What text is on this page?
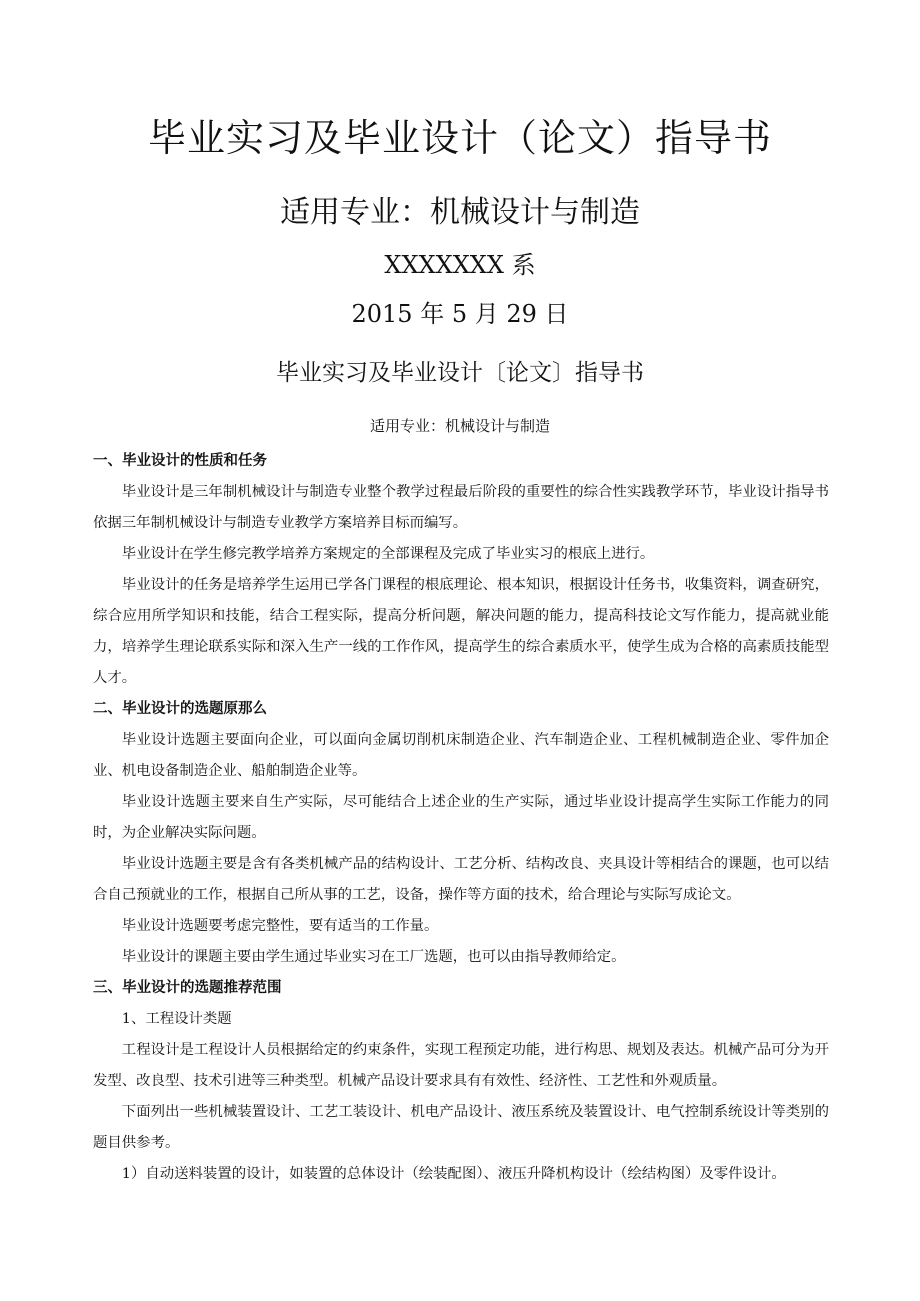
毕业实习及毕业设计（论文）指导书
适用专业：机械设计与制造
XXXXXXX 系
2015 年 5 月 29 日
毕业实习及毕业设计〔论文〕指导书
适用专业：机械设计与制造
一、毕业设计的性质和任务

毕业设计是三年制机械设计与制造专业整个教学过程最后阶段的重要性的综合性实践教学环节，毕业设计指导书依据三年制机械设计与制造专业教学方案培养目标而编写。

毕业设计在学生修完教学培养方案规定的全部课程及完成了毕业实习的根底上进行。

毕业设计的任务是培养学生运用已学各门课程的根底理论、根本知识，根据设计任务书，收集资料，调查研究，综合应用所学知识和技能，结合工程实际，提高分析问题，解决问题的能力，提高科技论文写作能力，提高就业能力，培养学生理论联系实际和深入生产一线的工作作风，提高学生的综合素质水平，使学生成为合格的高素质技能型人才。

二、毕业设计的选题原那么

毕业设计选题主要面向企业，可以面向金属切削机床制造企业、汽车制造企业、工程机械制造企业、零件加企业、机电设备制造企业、船舶制造企业等。

毕业设计选题主要来自生产实际，尽可能结合上述企业的生产实际，通过毕业设计提高学生实际工作能力的同时，为企业解决实际问题。

毕业设计选题主要是含有各类机械产品的结构设计、工艺分析、结构改良、夹具设计等相结合的课题，也可以结合自己预就业的工作，根据自己所从事的工艺，设备，操作等方面的技术，给合理论与实际写成论文。

毕业设计选题要考虑完整性，要有适当的工作量。

毕业设计的课题主要由学生通过毕业实习在工厂选题，也可以由指导教师给定。

三、毕业设计的选题推荐范围

1、工程设计类题

工程设计是工程设计人员根据给定的约束条件，实现工程预定功能，进行构思、规划及表达。机械产品可分为开发型、改良型、技术引进等三种类型。机械产品设计要求具有有效性、经济性、工艺性和外观质量。

下面列出一些机械装置设计、工艺工装设计、机电产品设计、液压系统及装置设计、电气控制系统设计等类别的题目供参考。

1）自动送料装置的设计，如装置的总体设计（绘装配图）、液压升降机构设计（绘结构图）及零件设计。
